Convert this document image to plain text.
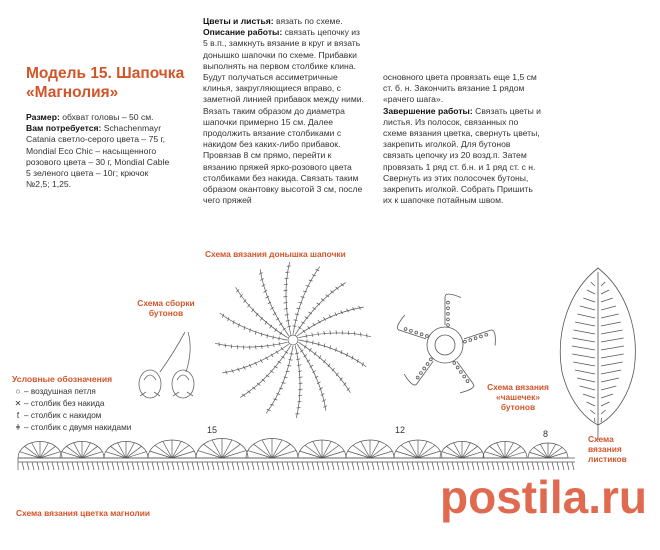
Модель 15. Шапочка
«Магнолия»
Размер: обхват головы – 50 см.
Вам потребуется: Schachenmayr Catania светло-серого цвета – 75 г, Mondial Eco Chic – насыщенного розового цвета – 30 г, Mondial Cable 5 зеленого цвета – 10г; крючок №2,5; 1,25.
Цветы и листья: вязать по схеме.
Описание работы: связать цепочку из 5 в.п., замкнуть вязание в круг и вязать донышко шапочки по схеме. Прибавки выполнять на первом столбике клина. Будут получаться ассиметричные клинья, закругляющиеся вправо, с заметной линией прибавок между ними. Вязать таким образом до диаметра шапочки примерно 15 см. Далее продолжить вязание столбиками с накидом без каких-либо прибавок. Провязав 8 см прямо, перейти к вязанию пряжей ярко-розового цвета столбиками без накида. Связать таким образом окантовку высотой 3 см, после чего пряжей
основного цвета провязать еще 1,5 см ст. б. н. Закончить вязание 1 рядом «рачего шага».
Завершение работы: Связать цветы и листья. Из полосок, связанных по схеме вязания цветка, свернуть цветы, закрепить иголкой. Для бутонов связать цепочку из 20 возд.п. Затем провязать 1 ряд ст. б.н. и 1 ряд ст. с н. Свернуть из этих полосочек бутоны, закрепить иголкой. Собрать Пришить их к шапочке потайным швом.
Схема вязания донышка шапочки
Схема сборки
бутонов
Схема вязания
«чашечек» бутонов
Схема
вязания
листиков
Схема вязания цветка магнолии
Условные обозначения
○ – воздушная петля
✕ – столбик без накида
ƭ – столбик с накидом
ǂ – столбик с двумя накидами	15	12	8
postila.ru
